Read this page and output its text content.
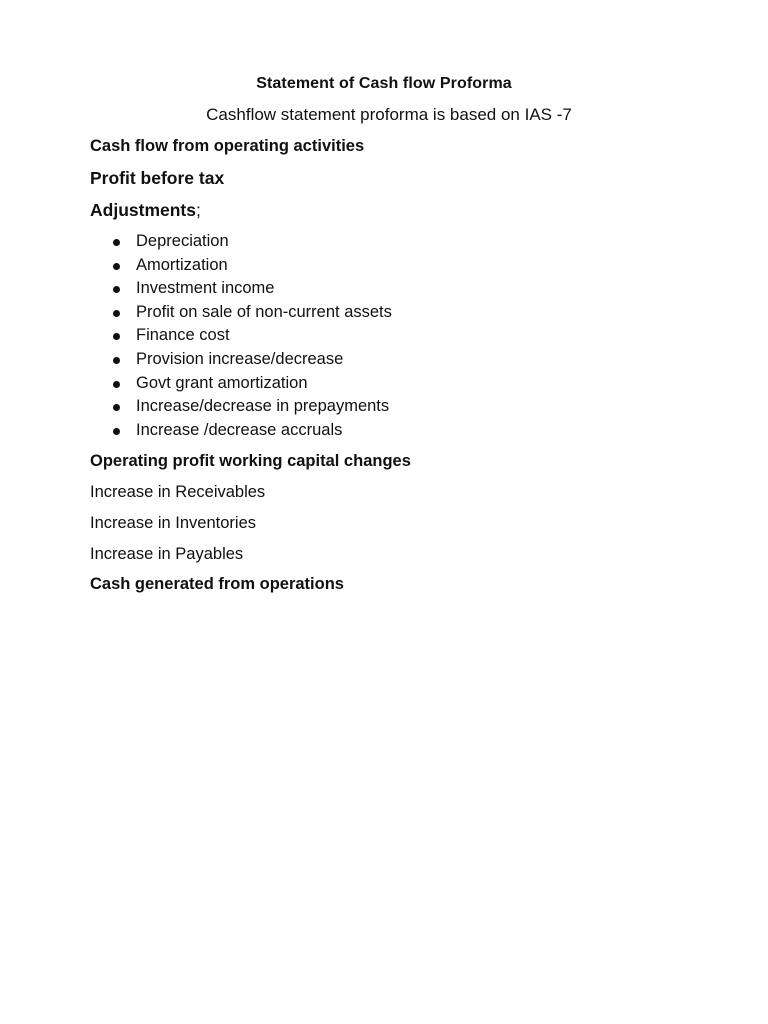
Statement of Cash flow Proforma
Cashflow statement proforma is based on IAS -7
Cash flow from operating activities
Profit before tax
Adjustments;
Depreciation
Amortization
Investment income
Profit on sale of non-current assets
Finance cost
Provision increase/decrease
Govt grant amortization
Increase/decrease in prepayments
Increase /decrease accruals
Operating profit working capital changes
Increase in Receivables
Increase in Inventories
Increase in Payables
Cash generated from operations
